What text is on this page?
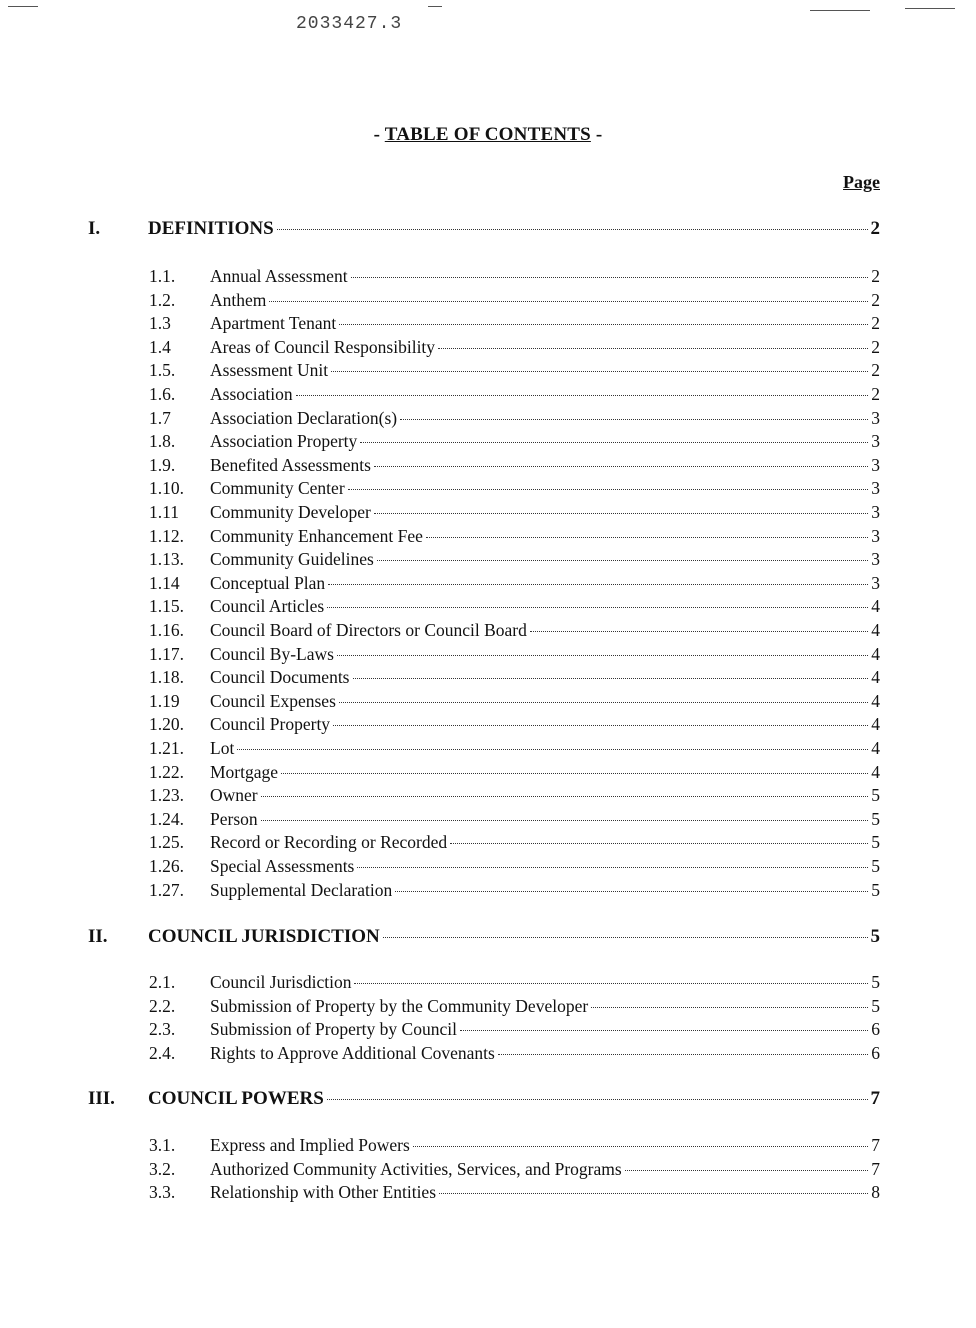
2033427.3
- TABLE OF CONTENTS -
Page
I.	DEFINITIONS	2
1.1. Annual Assessment	2
1.2. Anthem	2
1.3 Apartment Tenant	2
1.4 Areas of Council Responsibility	2
1.5. Assessment Unit	2
1.6. Association	2
1.7 Association Declaration(s)	3
1.8. Association Property	3
1.9. Benefited Assessments	3
1.10. Community Center	3
1.11 Community Developer	3
1.12. Community Enhancement Fee	3
1.13. Community Guidelines	3
1.14 Conceptual Plan	3
1.15. Council Articles	4
1.16. Council Board of Directors or Council Board	4
1.17. Council By-Laws	4
1.18. Council Documents	4
1.19 Council Expenses	4
1.20. Council Property	4
1.21. Lot	4
1.22. Mortgage	4
1.23. Owner	5
1.24. Person	5
1.25. Record or Recording or Recorded	5
1.26. Special Assessments	5
1.27. Supplemental Declaration	5
II. COUNCIL JURISDICTION	5
2.1. Council Jurisdiction	5
2.2. Submission of Property by the Community Developer	5
2.3. Submission of Property by Council	6
2.4. Rights to Approve Additional Covenants	6
III. COUNCIL POWERS	7
3.1. Express and Implied Powers	7
3.2. Authorized Community Activities, Services, and Programs	7
3.3. Relationship with Other Entities	8
